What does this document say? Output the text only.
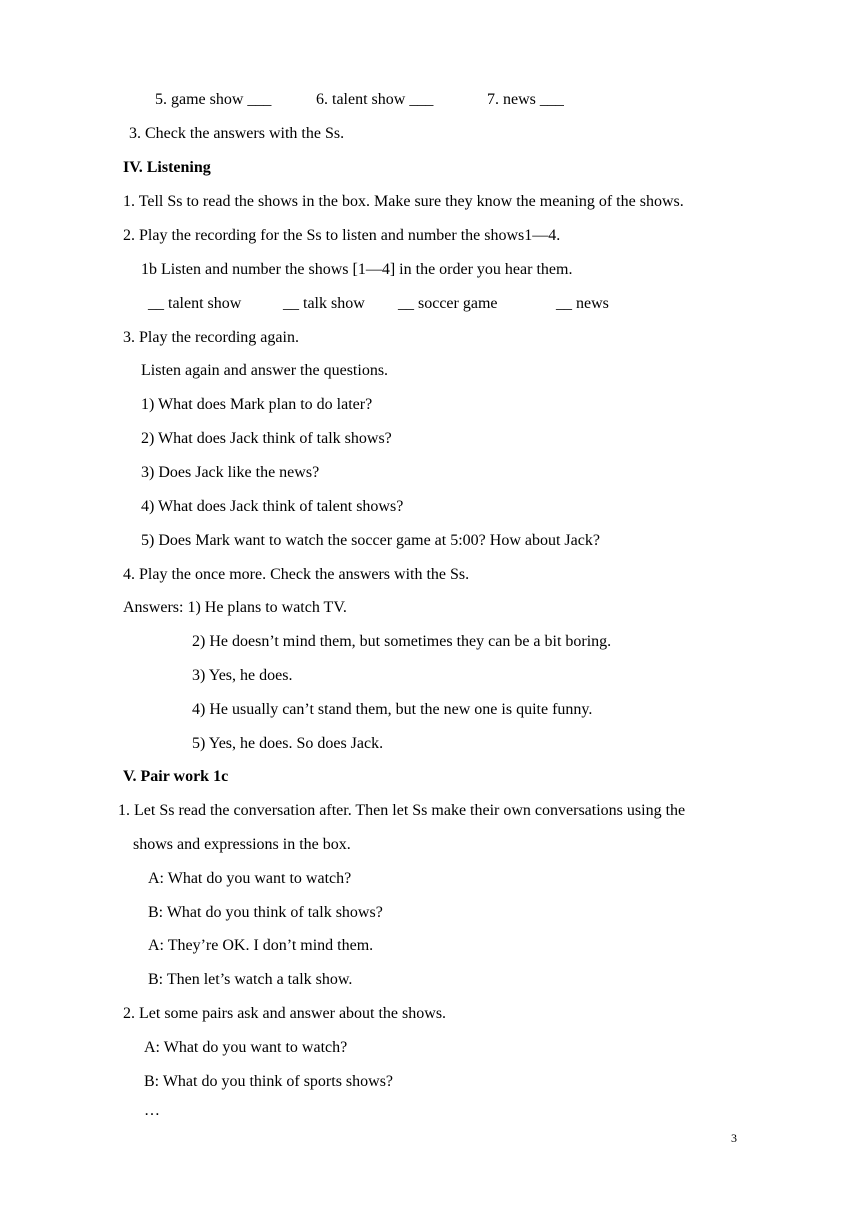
5. game show ___	6. talent show ___	7. news ___
3. Check the answers with the Ss.
IV. Listening
1. Tell Ss to read the shows in the box. Make sure they know the meaning of the shows.
2. Play the recording for the Ss to listen and number the shows1—4.
1b Listen and number the shows [1—4] in the order you hear them.
__ talent show	__ talk show __ soccer game	__ news
3. Play the recording again.
Listen again and answer the questions.
1) What does Mark plan to do later?
2) What does Jack think of talk shows?
3) Does Jack like the news?
4) What does Jack think of talent shows?
5) Does Mark want to watch the soccer game at 5:00? How about Jack?
4. Play the once more. Check the answers with the Ss.
Answers: 1) He plans to watch TV.
2) He doesn’t mind them, but sometimes they can be a bit boring.
3) Yes, he does.
4) He usually can’t stand them, but the new one is quite funny.
5) Yes, he does. So does Jack.
V. Pair work 1c
1. Let Ss read the conversation after. Then let Ss make their own conversations using the
shows and expressions in the box.
A: What do you want to watch?
B: What do you think of talk shows?
A: They’re OK. I don’t mind them.
B: Then let’s watch a talk show.
2. Let some pairs ask and answer about the shows.
A: What do you want to watch?
B: What do you think of sports shows?
…
3
